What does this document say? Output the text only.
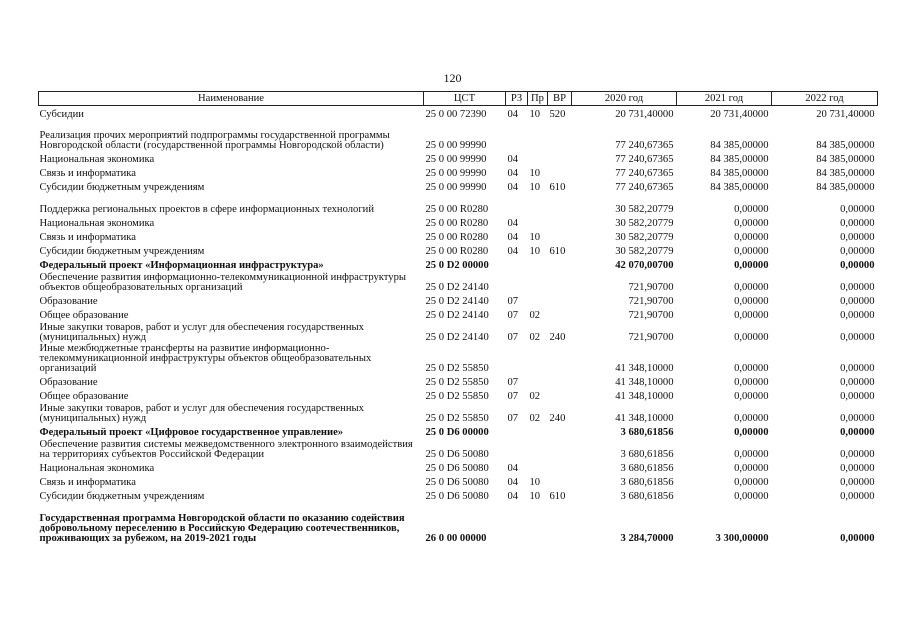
120
Наименование	ЦСТ	РЗ	Пр	ВР	2020 год	2021 год	2022 год
Субсидии	25 0 00 72390	04	10	520	20 731,40000	20 731,40000	20 731,40000
Реализация прочих мероприятий подпрограммы государственной программы Новгородской области (государственной программы Новгородской области)	25 0 00 99990				77 240,67365	84 385,00000	84 385,00000
Национальная экономика	25 0 00 99990	04			77 240,67365	84 385,00000	84 385,00000
Связь и информатика	25 0 00 99990	04	10		77 240,67365	84 385,00000	84 385,00000
Субсидии бюджетным учреждениям	25 0 00 99990	04	10	610	77 240,67365	84 385,00000	84 385,00000
Поддержка региональных проектов в сфере информационных технологий	25 0 00 R0280				30 582,20779	0,00000	0,00000
Национальная экономика	25 0 00 R0280	04			30 582,20779	0,00000	0,00000
Связь и информатика	25 0 00 R0280	04	10		30 582,20779	0,00000	0,00000
Субсидии бюджетным учреждениям	25 0 00 R0280	04	10	610	30 582,20779	0,00000	0,00000
Федеральный проект «Информационная инфраструктура»	25 0 D2 00000				42 070,00700	0,00000	0,00000
Обеспечение развития информационно-телекоммуникационной инфраструктуры объектов общеобразовательных организаций	25 0 D2 24140				721,90700	0,00000	0,00000
Образование	25 0 D2 24140	07			721,90700	0,00000	0,00000
Общее образование	25 0 D2 24140	07	02		721,90700	0,00000	0,00000
Иные закупки товаров, работ и услуг для обеспечения государственных (муниципальных) нужд	25 0 D2 24140	07	02	240	721,90700	0,00000	0,00000
Иные межбюджетные трансферты на развитие информационно-телекоммуникационной инфраструктуры объектов общеобразовательных организаций	25 0 D2 55850				41 348,10000	0,00000	0,00000
Образование	25 0 D2 55850	07			41 348,10000	0,00000	0,00000
Общее образование	25 0 D2 55850	07	02		41 348,10000	0,00000	0,00000
Иные закупки товаров, работ и услуг для обеспечения государственных (муниципальных) нужд	25 0 D2 55850	07	02	240	41 348,10000	0,00000	0,00000
Федеральный проект «Цифровое государственное управление»	25 0 D6 00000				3 680,61856	0,00000	0,00000
Обеспечение развития системы межведомственного электронного взаимодействия на территориях субъектов Российской Федерации	25 0 D6 50080				3 680,61856	0,00000	0,00000
Национальная экономика	25 0 D6 50080	04			3 680,61856	0,00000	0,00000
Связь и информатика	25 0 D6 50080	04	10		3 680,61856	0,00000	0,00000
Субсидии бюджетным учреждениям	25 0 D6 50080	04	10	610	3 680,61856	0,00000	0,00000
Государственная программа Новгородской области по оказанию содействия добровольному переселению в Российскую Федерацию соотечественников, проживающих за рубежом, на 2019-2021 годы	26 0 00 00000				3 284,70000	3 300,00000	0,00000
